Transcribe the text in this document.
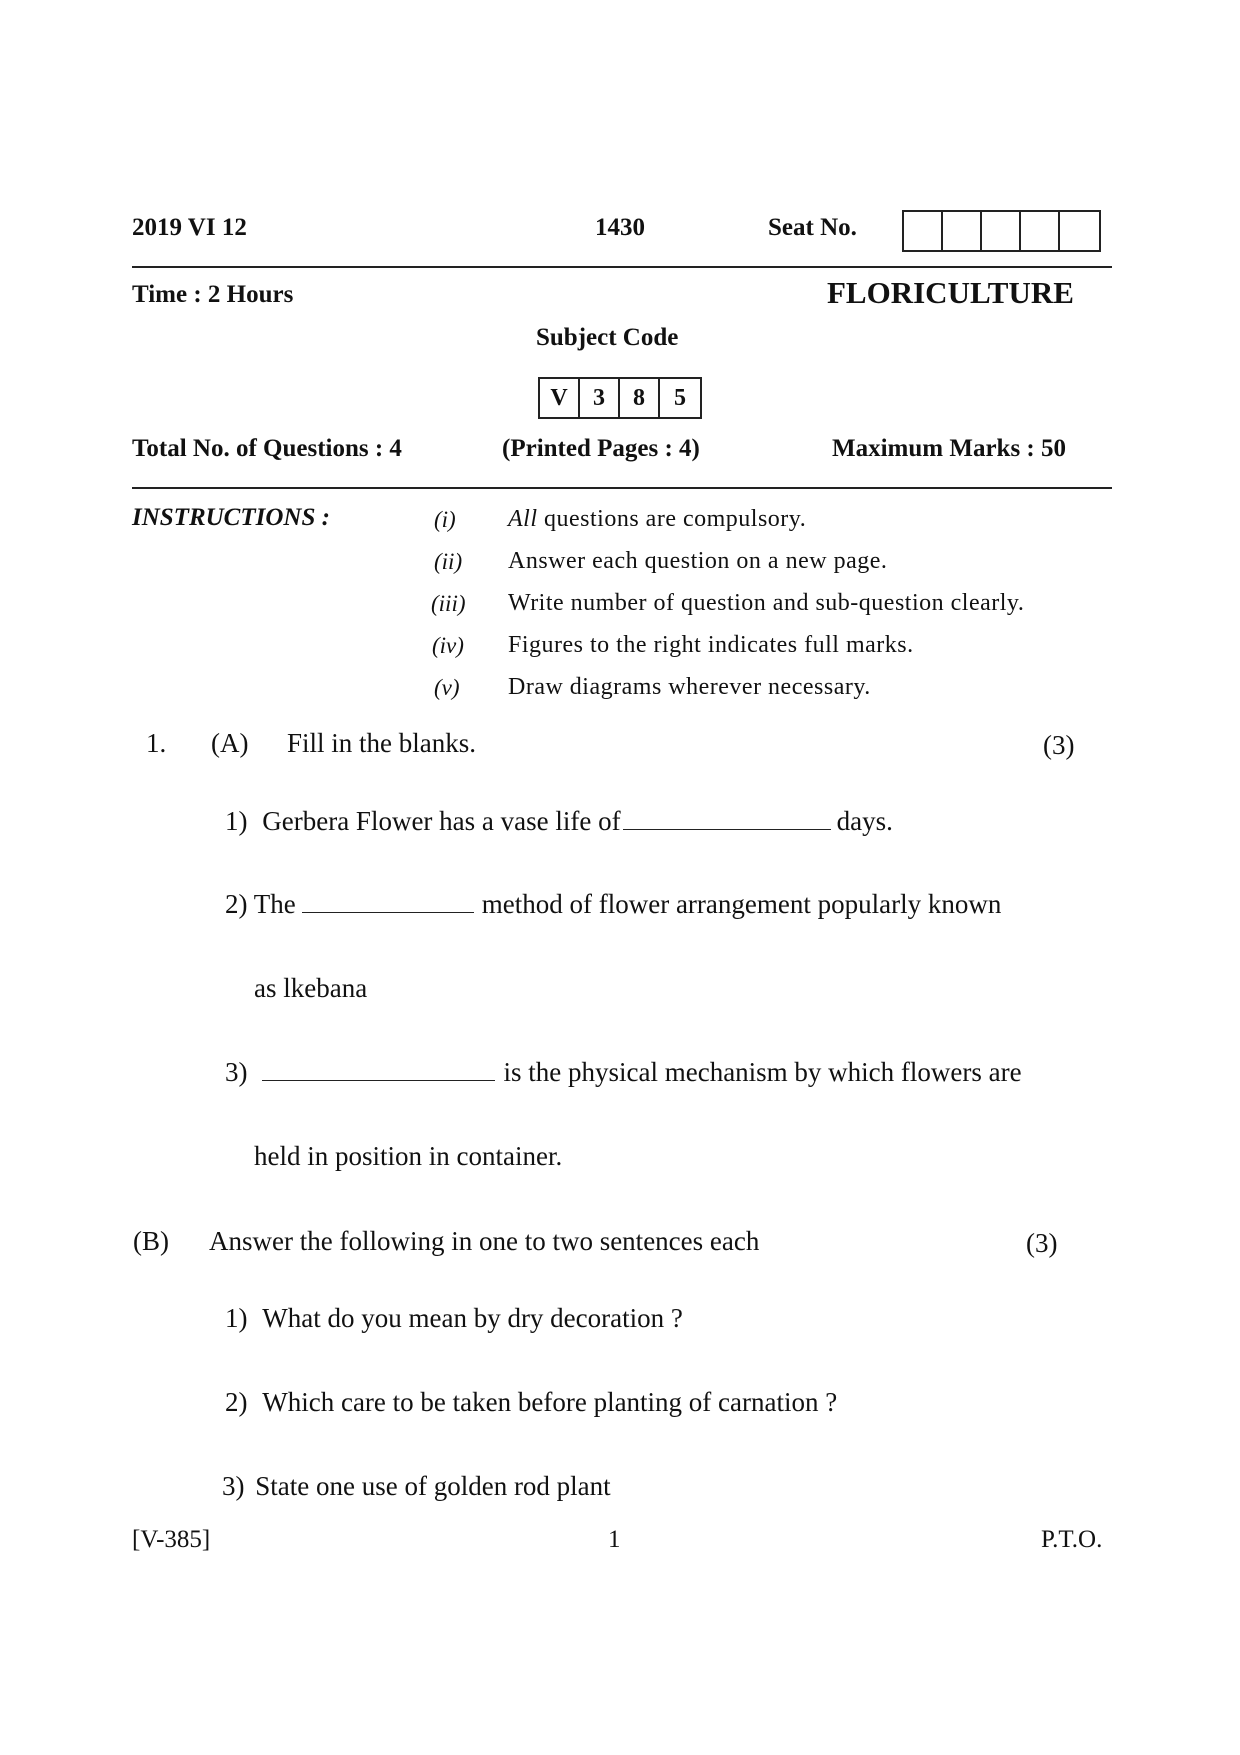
2019 VI 12	1430	Seat No.
Time : 2 Hours	FLORICULTURE
Subject Code
V	3	8	5
Total No. of Questions : 4	(Printed Pages : 4)	Maximum Marks : 50
INSTRUCTIONS :	(i) All questions are compulsory.
(ii) Answer each question on a new page.
(iii) Write number of question and sub-question clearly.
(iv) Figures to the right indicates full marks.
(v) Draw diagrams wherever necessary.
1. (A) Fill in the blanks.	(3)
1) Gerbera Flower has a vase life of	days.
2) The	method of flower arrangement popularly known
as lkebana
3)	is the physical mechanism by which flowers are
held in position in container.
(B) Answer the following in one to two sentences each	(3)
1) What do you mean by dry decoration ?
2) Which care to be taken before planting of carnation ?
3) State one use of golden rod plant
[V-385]	1	P.T.O.
